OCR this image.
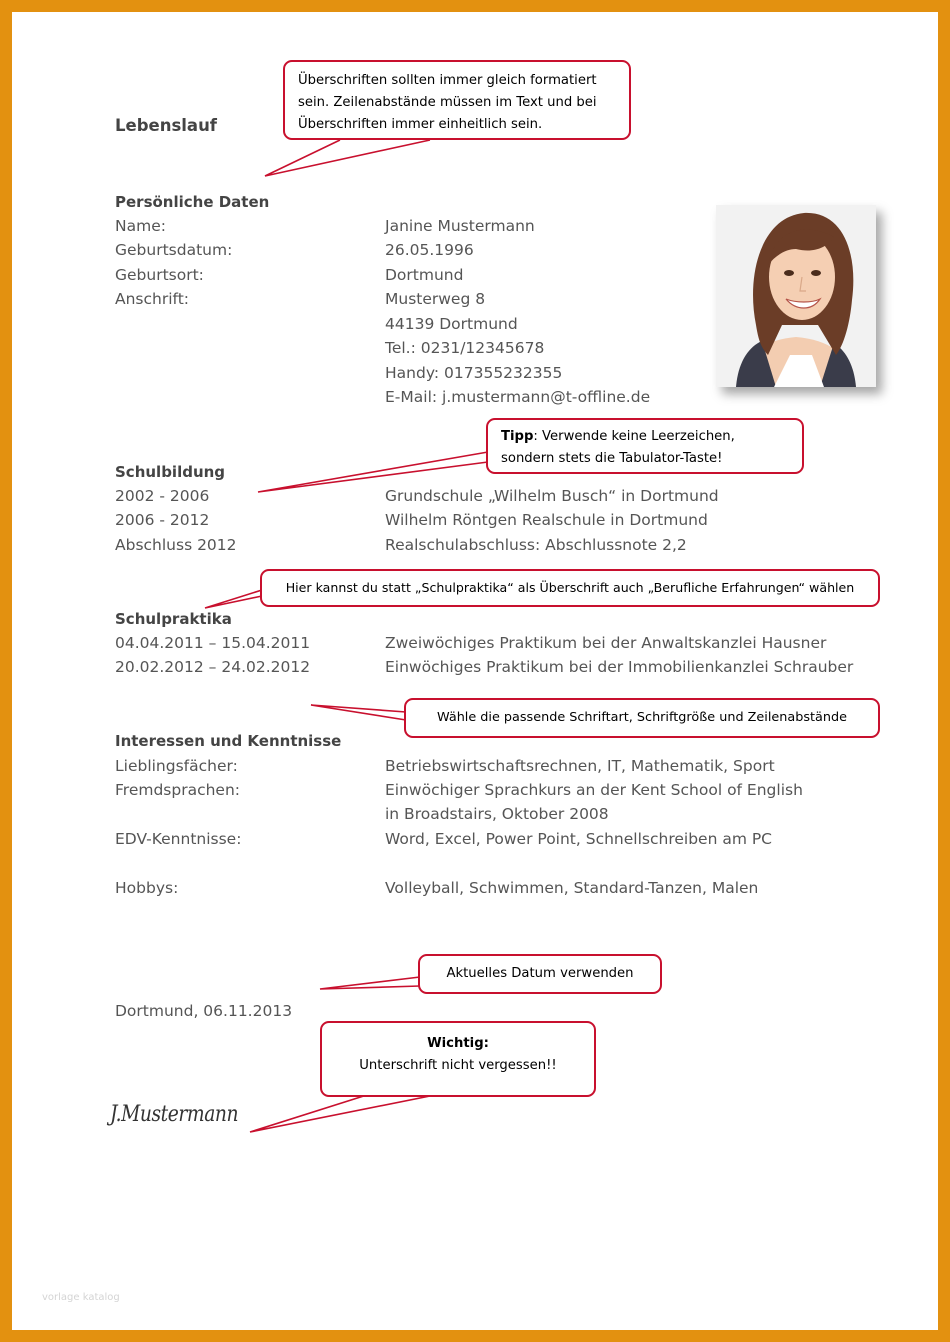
Lebenslauf
Persönliche Daten
Name:	Janine Mustermann
Geburtsdatum:	26.05.1996
Geburtsort:	Dortmund
Anschrift:	Musterweg 8
44139 Dortmund
Tel.: 0231/12345678
Handy: 017355232355
E-Mail: j.mustermann@t-offline.de
Schulbildung
2002 - 2006	Grundschule „Wilhelm Busch“ in Dortmund
2006 - 2012	Wilhelm Röntgen Realschule in Dortmund
Abschluss 2012	Realschulabschluss: Abschlussnote 2,2
Schulpraktika
04.04.2011 – 15.04.2011	Zweiwöchiges Praktikum bei der Anwaltskanzlei Hausner
20.02.2012 – 24.02.2012	Einwöchiges Praktikum bei der Immobilienkanzlei Schrauber
Interessen und Kenntnisse
Lieblingsfächer:	Betriebswirtschaftsrechnen, IT, Mathematik, Sport
Fremdsprachen:	Einwöchiger Sprachkurs an der Kent School of English
in Broadstairs, Oktober 2008
EDV-Kenntnisse:	Word, Excel, Power Point, Schnellschreiben am PC
Hobbys:	Volleyball, Schwimmen, Standard-Tanzen, Malen
Dortmund, 06.11.2013
J.Mustermann
Überschriften sollten immer gleich formatiert sein. Zeilenabstände müssen im Text und bei Überschriften immer einheitlich sein.
Tipp: Verwende keine Leerzeichen, sondern stets die Tabulator-Taste!
Hier kannst du statt „Schulpraktika“ als Überschrift auch „Berufliche Erfahrungen“ wählen
Wähle die passende Schriftart, Schriftgröße und Zeilenabstände
Aktuelles Datum verwenden
Wichtig:
Unterschrift nicht vergessen!!
vorlage katalog
